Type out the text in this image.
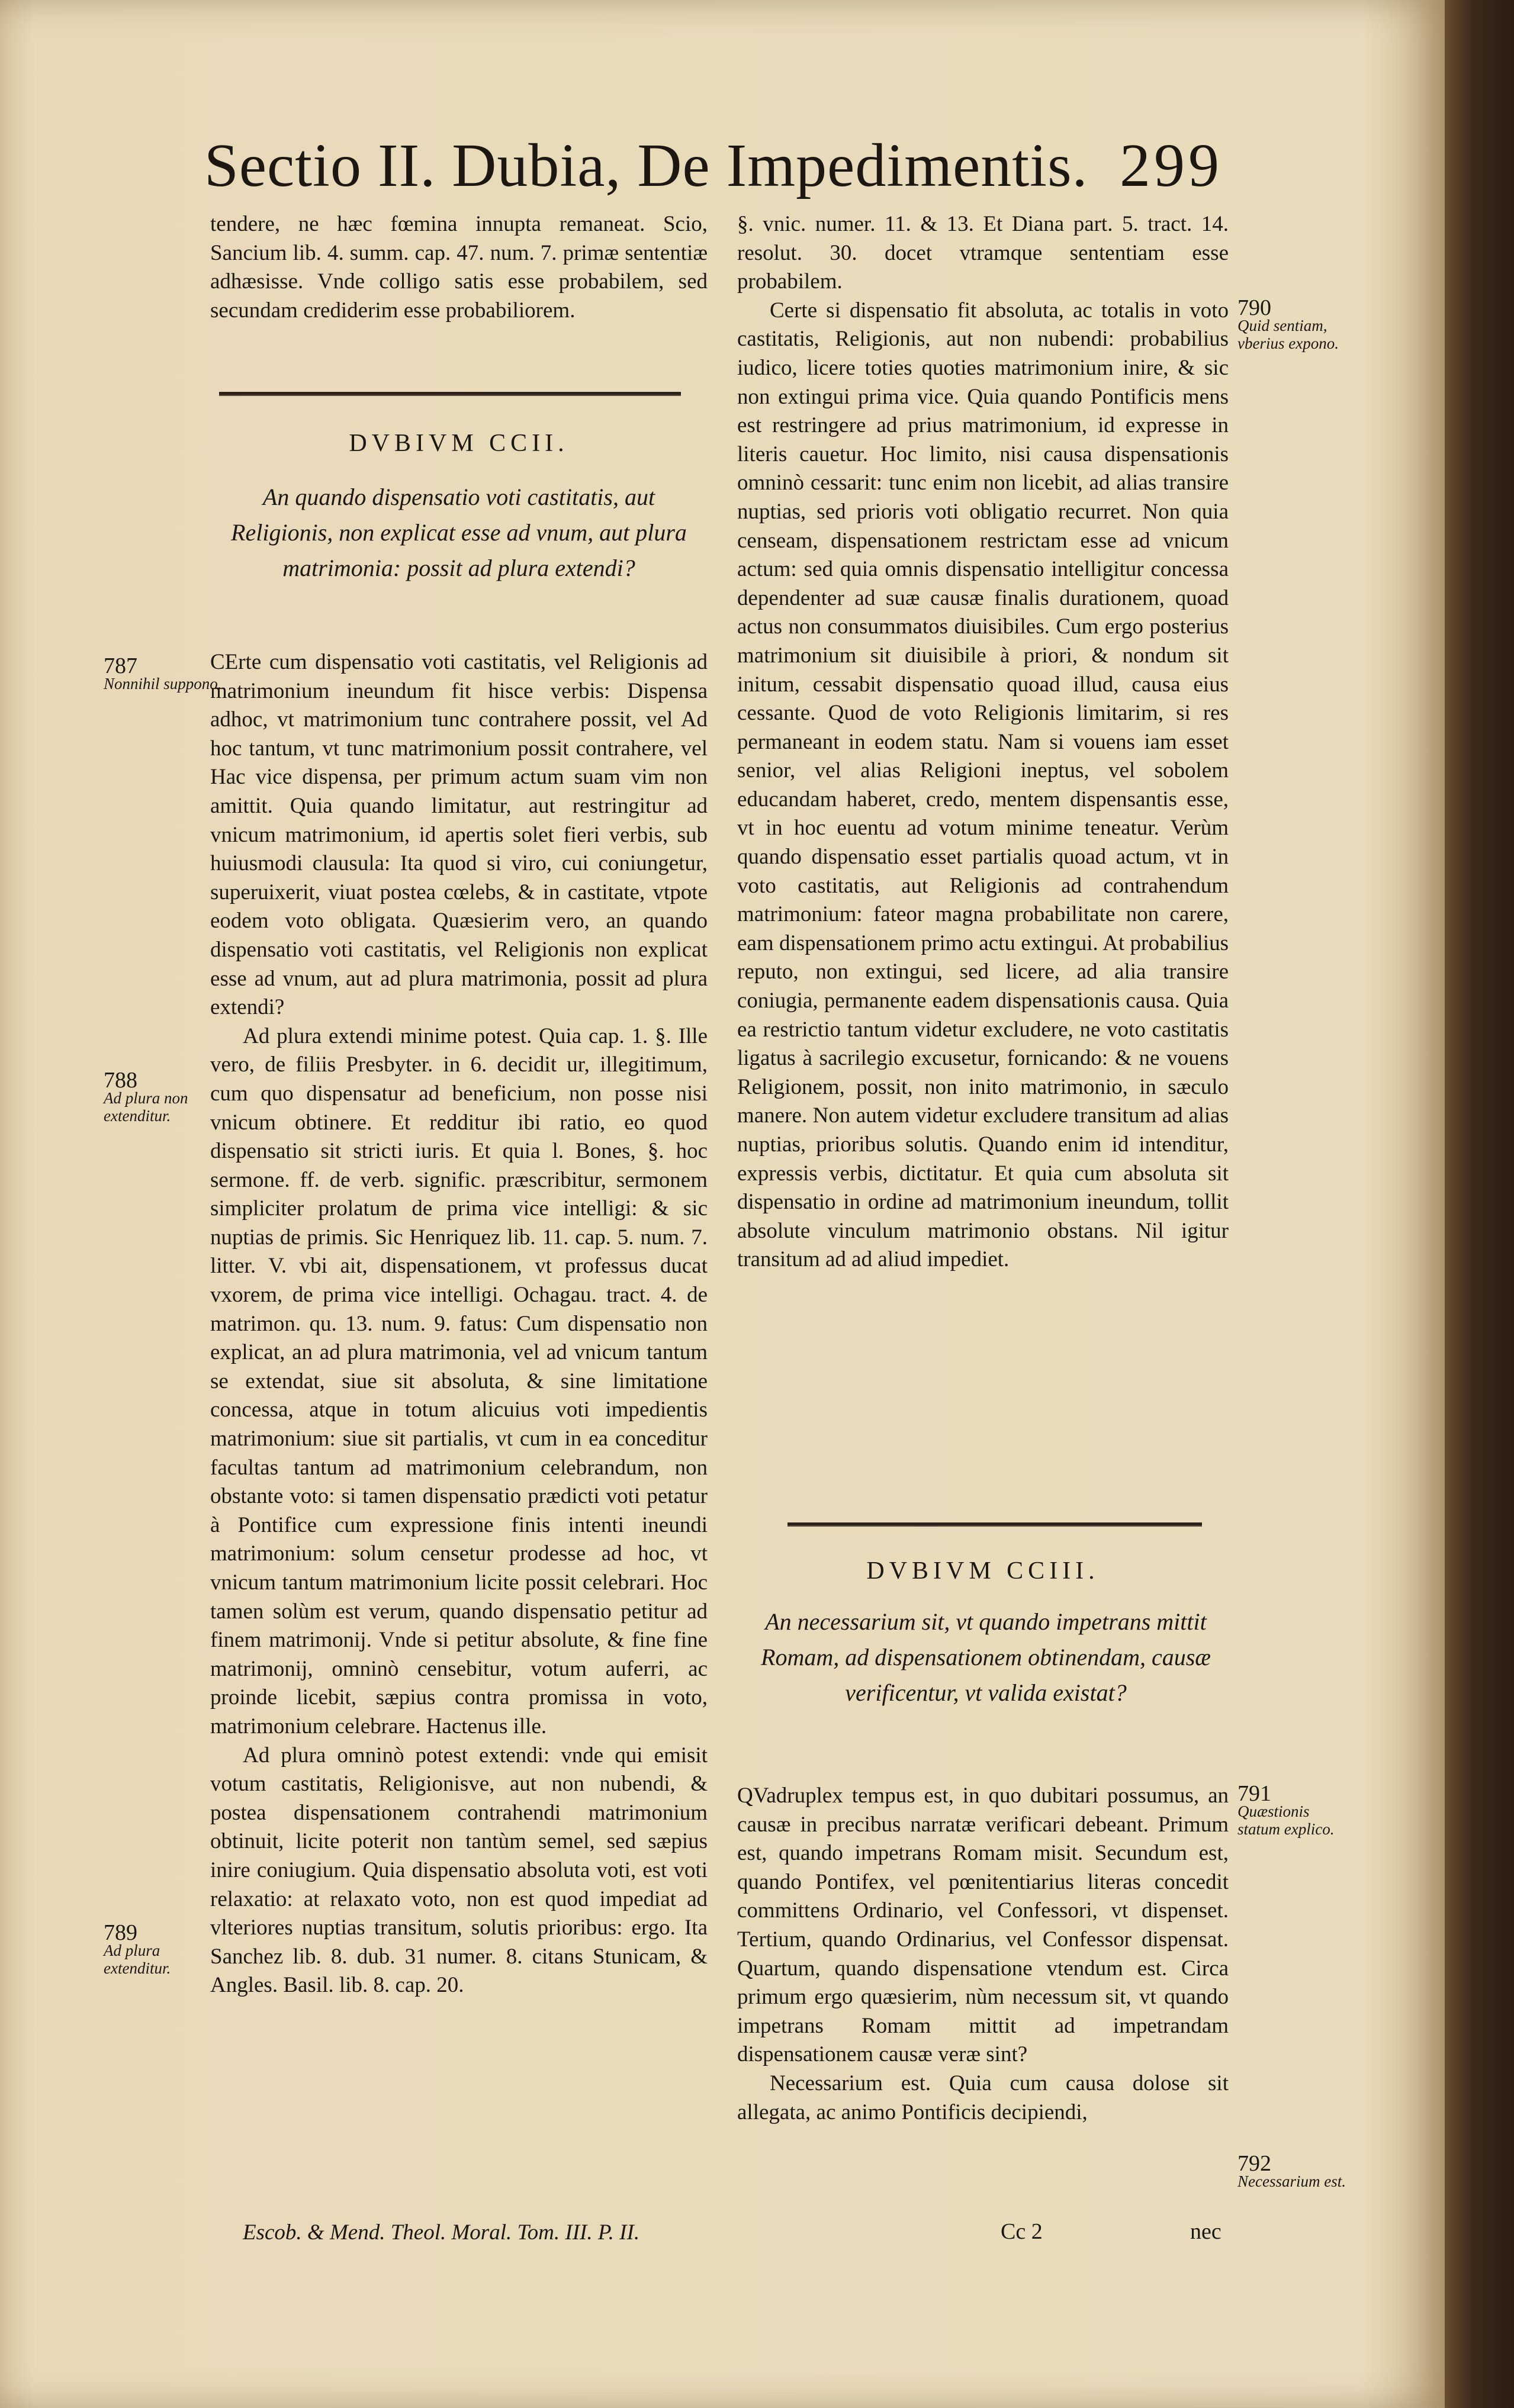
Sectio II. Dubia, De Impedimentis. 299

tendere, ne hæc fœmina innupta remaneat. Scio, Sancium lib. 4. summ. cap. 47. num. 7. primæ sententiæ adhæsisse. Vnde colligo satis esse probabilem, sed secundam crediderim esse probabiliorem.

DVBIVM CCII.
An quando dispensatio voti castitatis, aut Religionis, non explicat esse ad vnum, aut plura matrimonia: possit ad plura extendi?

CErte cum dispensatio voti castitatis, vel Religionis ad matrimonium ineundum fit hisce verbis: Dispensa adhoc, vt matrimonium tunc contrahere possit, vel Ad hoc tantum, vt tunc matrimonium possit contrahere, vel Hac vice dispensa, per primum actum suam vim non amittit. Quia quando limitatur, aut restringitur ad vnicum matrimonium, id apertis solet fieri verbis, sub huiusmodi clausula: Ita quod si viro, cui coniungetur, superuixerit, viuat postea cœlebs, & in castitate, vtpote eodem voto obligata. Quæsierim vero, an quando dispensatio voti castitatis, vel Religionis non explicat esse ad vnum, aut ad plura matrimonia, possit ad plura extendi?

Ad plura extendi minime potest. Quia cap. 1. §. Ille vero, de filiis Presbyter. in 6. decidit ur, illegitimum, cum quo dispensatur ad beneficium, non posse nisi vnicum obtinere. Et redditur ibi ratio, eo quod dispensatio sit stricti iuris. Et quia l. Bones, §. hoc sermone. ff. de verb. signific. præscribitur, sermonem simpliciter prolatum de prima vice intelligi: & sic nuptias de primis. Sic Henriquez lib. 11. cap. 5. num. 7. litter. V. vbi ait, dispensationem, vt professus ducat vxorem, de prima vice intelligi. Ochagau. tract. 4. de matrimon. qu. 13. num. 9. fatus: Cum dispensatio non explicat, an ad plura matrimonia, vel ad vnicum tantum se extendat, siue sit absoluta, & sine limitatione concessa, atque in totum alicuius voti impedientis matrimonium: siue sit partialis, vt cum in ea conceditur facultas tantum ad matrimonium celebrandum, non obstante voto: si tamen dispensatio prædicti voti petatur à Pontifice cum expressione finis intenti ineundi matrimonium: solum censetur prodesse ad hoc, vt vnicum tantum matrimonium licite possit celebrari. Hoc tamen solùm est verum, quando dispensatio petitur ad finem matrimonij. Vnde si petitur absolute, & fine fine matrimonij, omninò censebitur, votum auferri, ac proinde licebit, sæpius contra promissa in voto, matrimonium celebrare. Hactenus ille.

Ad plura omninò potest extendi: vnde qui emisit votum castitatis, Religionisve, aut non nubendi, & postea dispensationem contrahendi matrimonium obtinuit, licite poterit non tantùm semel, sed sæpius inire coniugium. Quia dispensatio absoluta voti, est voti relaxatio: at relaxato voto, non est quod impediat ad vlteriores nuptias transitum, solutis prioribus: ergo. Ita Sanchez lib. 8. dub. 31 numer. 8. citans Stunicam, & Angles. Basil. lib. 8. cap. 20.

Escob. & Mend. Theol. Moral. Tom. III. P. II.

§. vnic. numer. 11. & 13. Et Diana part. 5. tract. 14. resolut. 30. docet vtramque sententiam esse probabilem.

Certe si dispensatio fit absoluta, ac totalis in voto castitatis, Religionis, aut non nubendi: probabilius iudico, licere toties quoties matrimonium inire, & sic non extingui prima vice. Quia quando Pontificis mens est restringere ad prius matrimonium, id expresse in literis cauetur. Hoc limito, nisi causa dispensationis omninò cessarit: tunc enim non licebit, ad alias transire nuptias, sed prioris voti obligatio recurret. Non quia censeam, dispensationem restrictam esse ad vnicum actum: sed quia omnis dispensatio intelligitur concessa dependenter ad suæ causæ finalis durationem, quoad actus non consummatos diuisibiles. Cum ergo posterius matrimonium sit diuisibile à priori, & nondum sit initum, cessabit dispensatio quoad illud, causa eius cessante. Quod de voto Religionis limitarim, si res permaneant in eodem statu. Nam si vouens iam esset senior, vel alias Religioni ineptus, vel sobolem educandam haberet, credo, mentem dispensantis esse, vt in hoc euentu ad votum minime teneatur. Verùm quando dispensatio esset partialis quoad actum, vt in voto castitatis, aut Religionis ad contrahendum matrimonium: fateor magna probabilitate non carere, eam dispensationem primo actu extingui. At probabilius reputo, non extingui, sed licere, ad alia transire coniugia, permanente eadem dispensationis causa. Quia ea restrictio tantum videtur excludere, ne voto castitatis ligatus à sacrilegio excusetur, fornicando: & ne vouens Religionem, possit, non inito matrimonio, in sæculo manere. Non autem videtur excludere transitum ad alias nuptias, prioribus solutis. Quando enim id intenditur, expressis verbis, dictitatur. Et quia cum absoluta sit dispensatio in ordine ad matrimonium ineundum, tollit absolute vinculum matrimonio obstans. Nil igitur transitum ad ad aliud impediet.

DVBIVM CCIII.
An necessarium sit, vt quando impetrans mittit Romam, ad dispensationem obtinendam, causæ verificentur, vt valida existat?

QVadruplex tempus est, in quo dubitari possumus, an causæ in precibus narratæ verificari debeant. Primum est, quando impetrans Romam misit. Secundum est, quando Pontifex, vel pœnitentiarius literas concedit committens Ordinario, vel Confessori, vt dispenset. Tertium, quando Ordinarius, vel Confessor dispensat. Quartum, quando dispensatione vtendum est. Circa primum ergo quæsierim, nùm necessum sit, vt quando impetrans Romam mittit ad impetrandam dispensationem causæ veræ sint?

Necessarium est. Quia cum causa dolose sit allegata, ac animo Pontificis decipiendi,

Cc 2	nec
787
Nonnihil suppono.
788
Ad plura non extenditur.
789
Ad plura extenditur.
790
Quid sentiam, vberius expono.
791
Quæstionis statum explico.
792
Necessarium est.
